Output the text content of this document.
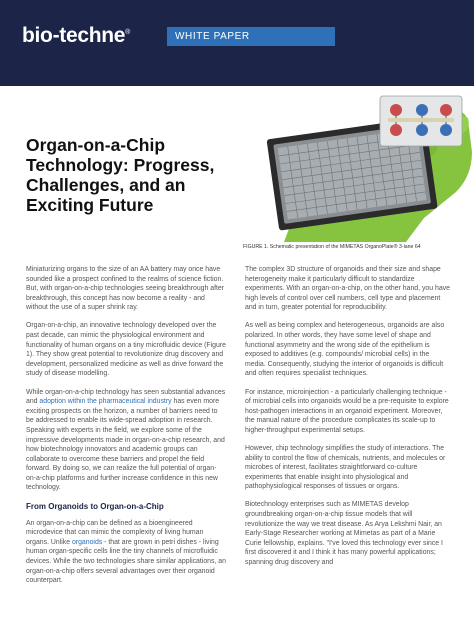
bio-techne®	WHITE PAPER
Organ-on-a-Chip Technology: Progress, Challenges, and an Exciting Future
FIGURE 1. Schematic presentation of the MIMETAS OrganoPlate® 3-lane 64

Miniaturizing organs to the size of an AA battery may once have sounded like a prospect confined to the realms of science fiction. But, with organ-on-a-chip technologies seeing breakthrough after breakthrough, this concept has now become a reality - and without the use of a super shrink ray.

Organ-on-a-chip, an innovative technology developed over the past decade, can mimic the physiological environment and functionality of human organs on a tiny microfluidic device (Figure 1). They show great potential to revolutionize drug discovery and development, personalized medicine as well as drive forward the study of disease modelling.

While organ-on-a-chip technology has seen substantial advances and adoption within the pharmaceutical industry has even more exciting prospects on the horizon, a number of barriers need to be addressed to enable its wide-spread adoption in research. Speaking with experts in the field, we explore some of the impressive developments made in organ-on-a-chip research, and how biotechnology innovators and academic groups can collaborate to overcome these barriers and propel the field forward. By doing so, we can realize the full potential of organ-on-a-chip platforms and further increase confidence in this new technology.

From Organoids to Organ-on-a-Chip

An organ-on-a-chip can be defined as a bioengineered microdevice that can mimic the complexity of living human organs. Unlike organoids - that are grown in petri dishes - living human organ-specific cells line the tiny channels of microfluidic devices. While the two technologies share similar applications, an organ-on-a-chip offers several advantages over their organoid counterpart.

The complex 3D structure of organoids and their size and shape heterogeneity make it particularly difficult to standardize experiments. With an organ-on-a-chip, on the other hand, you have high levels of control over cell numbers, cell type and placement and in turn, greater potential for reproducibility.

As well as being complex and heterogeneous, organoids are also polarized. In other words, they have some level of shape and functional asymmetry and the wrong side of the epithelium is exposed to additives (e.g. compounds/ microbial cells) in the media. Consequently, studying the interior of organoids is difficult and often requires specialist techniques.

For instance, microinjection - a particularly challenging technique - of microbial cells into organoids would be a pre-requisite to explore host-pathogen interactions in an organoid experiment. Moreover, the manual nature of the procedure complicates its scale-up to higher-throughput experimental setups.

However, chip technology simplifies the study of interactions. The ability to control the flow of chemicals, nutrients, and molecules or microbes of interest, facilitates straightforward co-culture experiments that enable insight into physiological and pathophysiological responses of tissues or organs.

Biotechnology enterprises such as MIMETAS develop groundbreaking organ-on-a-chip tissue models that will revolutionize the way we treat disease. As Arya Lekshmi Nair, an Early-Stage Researcher working at Mimetas as part of a Marie Curie fellowship, explains. "I've loved this technology ever since I first discovered it and I think it has many powerful applications; spanning drug discovery and
